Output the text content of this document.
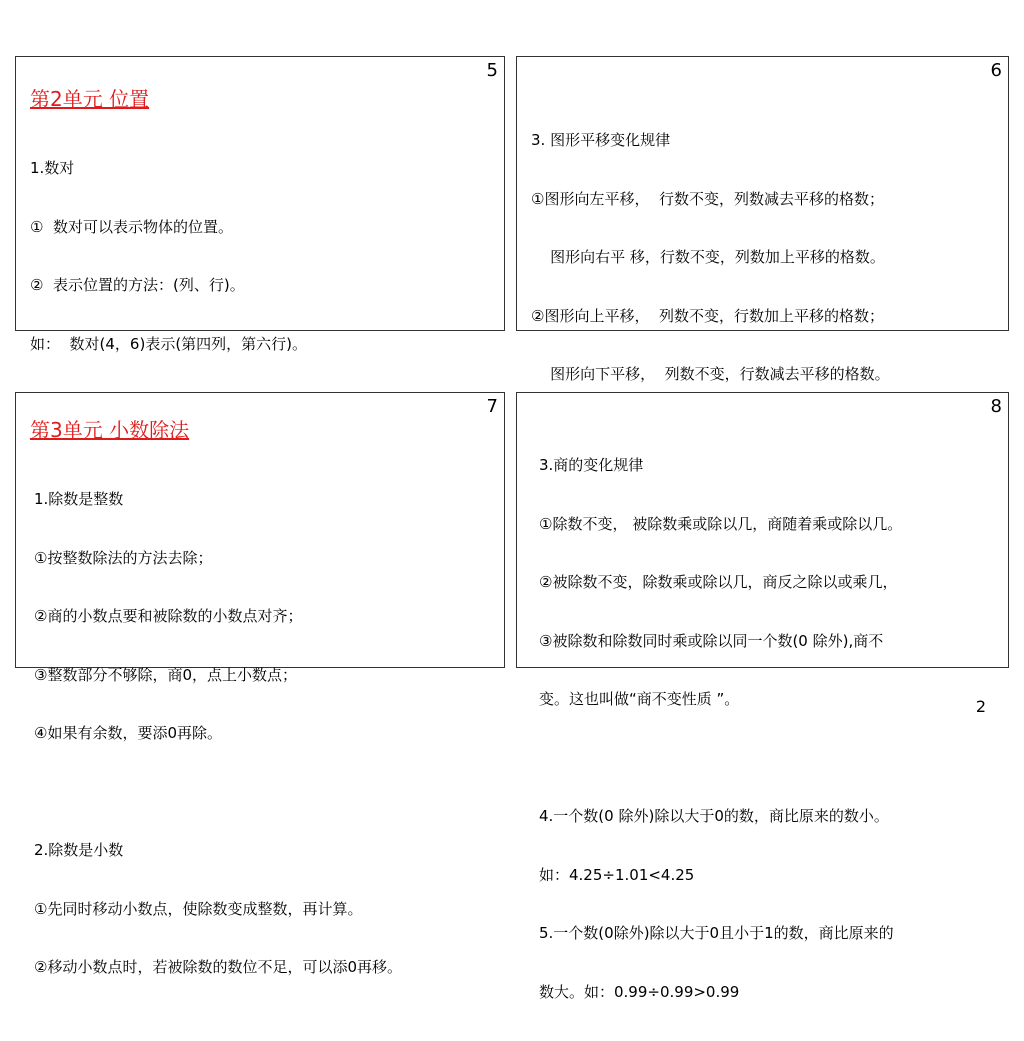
5
第2单元 位置

1.数对

①  数对可以表示物体的位置。

②  表示位置的方法：(列、行)。

如：  数对(4，6)表示(第四列，第六行)。

6

3. 图形平移变化规律

①图形向左平移，  行数不变，列数减去平移的格数；

图形向右平 移，行数不变，列数加上平移的格数。

②图形向上平移，  列数不变，行数加上平移的格数；

图形向下平移，  列数不变，行数减去平移的格数。

7
第3单元 小数除法

1.除数是整数

①按整数除法的方法去除；

②商的小数点要和被除数的小数点对齐；

③整数部分不够除，商0，点上小数点；

④如果有余数，要添0再除。

2.除数是小数

①先同时移动小数点，使除数变成整数，再计算。

②移动小数点时，若被除数的数位不足，可以添0再移。

8

3.商的变化规律

①除数不变， 被除数乘或除以几，商随着乘或除以几。

②被除数不变，除数乘或除以几，商反之除以或乘几，

③被除数和除数同时乘或除以同一个数(0 除外),商不

变。这也叫做“商不变性质 ”。

4.一个数(0 除外)除以大于0的数，商比原来的数小。

如：4.25÷1.01<4.25

5.一个数(0除外)除以大于0且小于1的数，商比原来的

数大。如：0.99÷0.99>0.99

2
